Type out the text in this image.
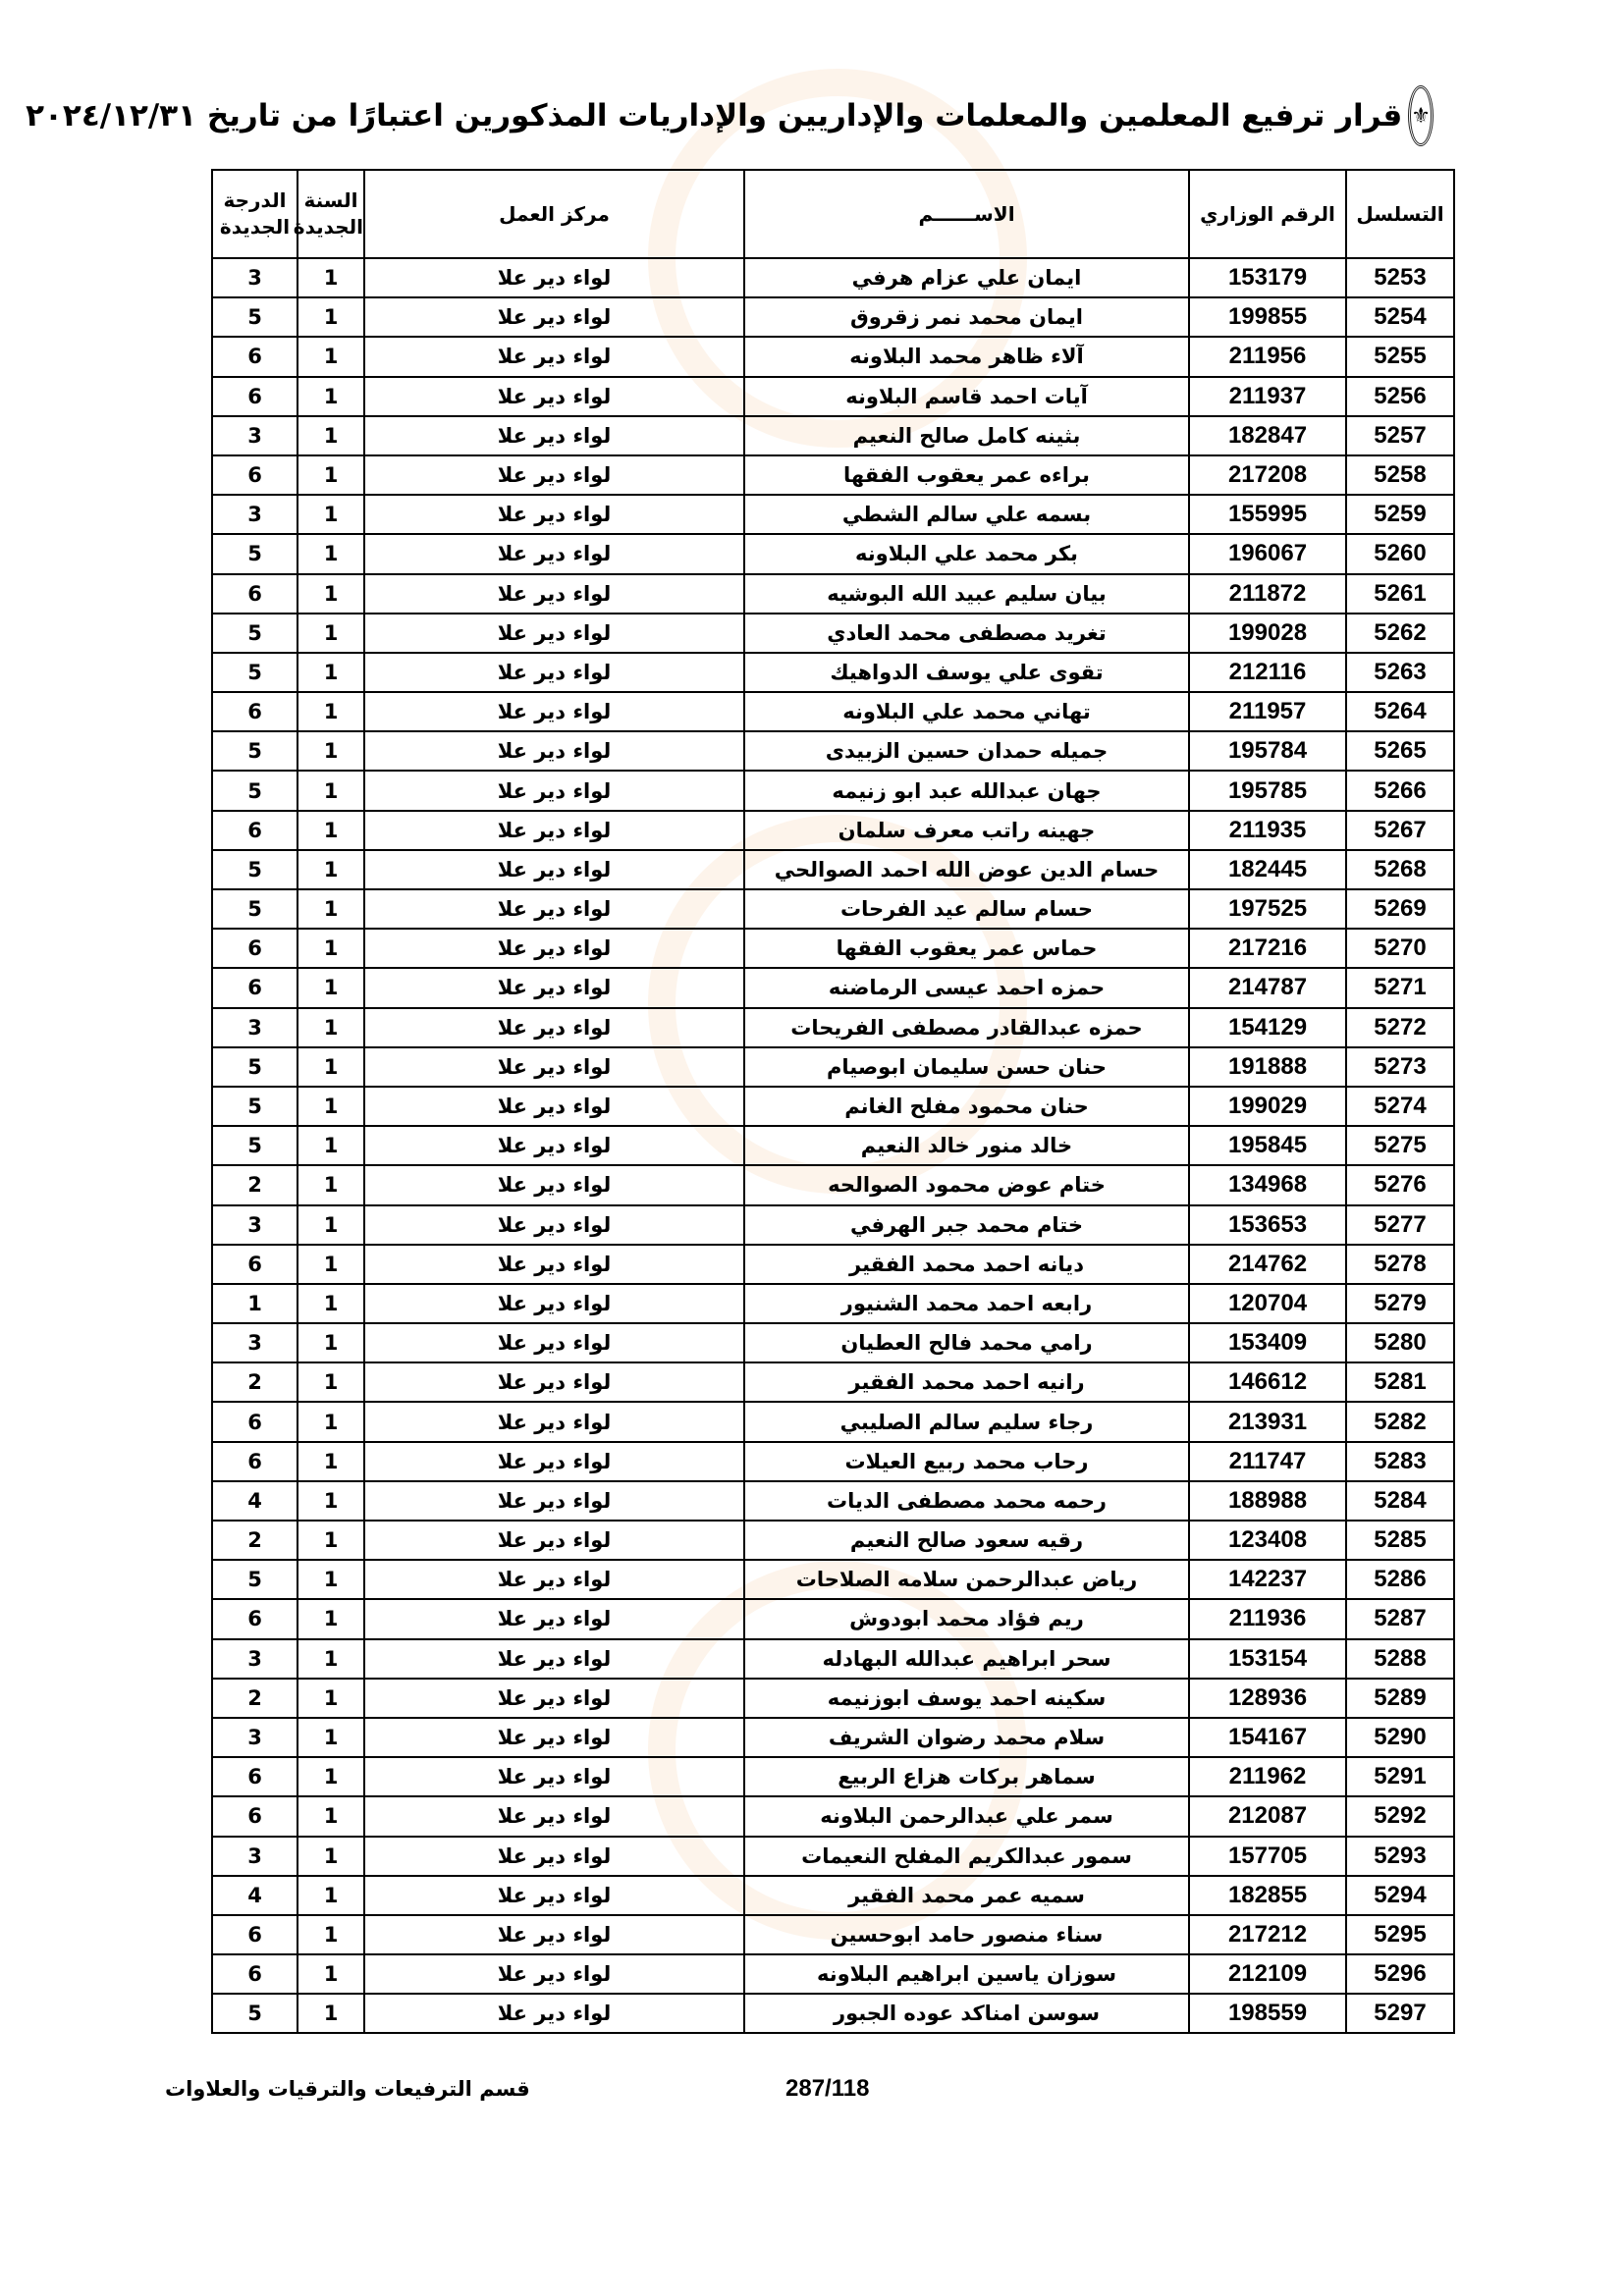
⚜
قرار ترفيع المعلمين والمعلمات والإداريين والإداريات المذكورين اعتبارًا من تاريخ ٢٠٢٤/١٢/٣١
التسلسل	الرقم الوزاري	الاســــــم	مركز العمل	السنة الجديدة	الدرجة الجديدة
5253	153179	ايمان علي عزام هرفي	لواء دير علا	1	3
5254	199855	ايمان محمد نمر زقروق	لواء دير علا	1	5
5255	211956	آلاء ظاهر محمد البلاونه	لواء دير علا	1	6
5256	211937	آيات احمد قاسم البلاونه	لواء دير علا	1	6
5257	182847	بثينه كامل صالح النعيم	لواء دير علا	1	3
5258	217208	براءه عمر يعقوب الفقها	لواء دير علا	1	6
5259	155995	بسمه علي سالم الشطي	لواء دير علا	1	3
5260	196067	بكر محمد علي البلاونه	لواء دير علا	1	5
5261	211872	بيان سليم عبيد الله البوشيه	لواء دير علا	1	6
5262	199028	تغريد مصطفى محمد العادي	لواء دير علا	1	5
5263	212116	تقوى علي يوسف الدواهيك	لواء دير علا	1	5
5264	211957	تهاني محمد علي البلاونه	لواء دير علا	1	6
5265	195784	جميله حمدان حسين الزبيدى	لواء دير علا	1	5
5266	195785	جهان عبدالله عبد ابو زنيمه	لواء دير علا	1	5
5267	211935	جهينه راتب معرف سلمان	لواء دير علا	1	6
5268	182445	حسام الدين عوض الله احمد الصوالحي	لواء دير علا	1	5
5269	197525	حسام سالم عيد الفرحات	لواء دير علا	1	5
5270	217216	حماس عمر يعقوب الفقها	لواء دير علا	1	6
5271	214787	حمزه احمد عيسى الرماضنه	لواء دير علا	1	6
5272	154129	حمزه عبدالقادر مصطفى الفريحات	لواء دير علا	1	3
5273	191888	حنان حسن سليمان ابوصيام	لواء دير علا	1	5
5274	199029	حنان محمود مفلح الغانم	لواء دير علا	1	5
5275	195845	خالد منور خالد النعيم	لواء دير علا	1	5
5276	134968	ختام عوض محمود الصوالحه	لواء دير علا	1	2
5277	153653	ختام محمد جبر الهرفي	لواء دير علا	1	3
5278	214762	ديانه احمد محمد الفقير	لواء دير علا	1	6
5279	120704	رابعه احمد محمد الشنيور	لواء دير علا	1	1
5280	153409	رامي محمد فالح العطيان	لواء دير علا	1	3
5281	146612	رانيه احمد محمد الفقير	لواء دير علا	1	2
5282	213931	رجاء سليم سالم الصليبي	لواء دير علا	1	6
5283	211747	رحاب محمد ربيع العيلات	لواء دير علا	1	6
5284	188988	رحمه محمد مصطفى الديات	لواء دير علا	1	4
5285	123408	رقيه سعود صالح النعيم	لواء دير علا	1	2
5286	142237	رياض عبدالرحمن سلامه الصلاحات	لواء دير علا	1	5
5287	211936	ريم فؤاد محمد ابودوش	لواء دير علا	1	6
5288	153154	سحر ابراهيم عبدالله البهادله	لواء دير علا	1	3
5289	128936	سكينه احمد يوسف ابوزنيمه	لواء دير علا	1	2
5290	154167	سلام محمد رضوان الشريف	لواء دير علا	1	3
5291	211962	سماهر بركات هزاع الربيع	لواء دير علا	1	6
5292	212087	سمر علي عبدالرحمن البلاونه	لواء دير علا	1	6
5293	157705	سمور عبدالكريم المفلح النعيمات	لواء دير علا	1	3
5294	182855	سميه عمر محمد الفقير	لواء دير علا	1	4
5295	217212	سناء منصور حامد ابوحسين	لواء دير علا	1	6
5296	212109	سوزان ياسين ابراهيم البلاونه	لواء دير علا	1	6
5297	198559	سوسن امناكد عوده الجبور	لواء دير علا	1	5
قسم الترفيعات والترقيات والعلاوات	287/118
